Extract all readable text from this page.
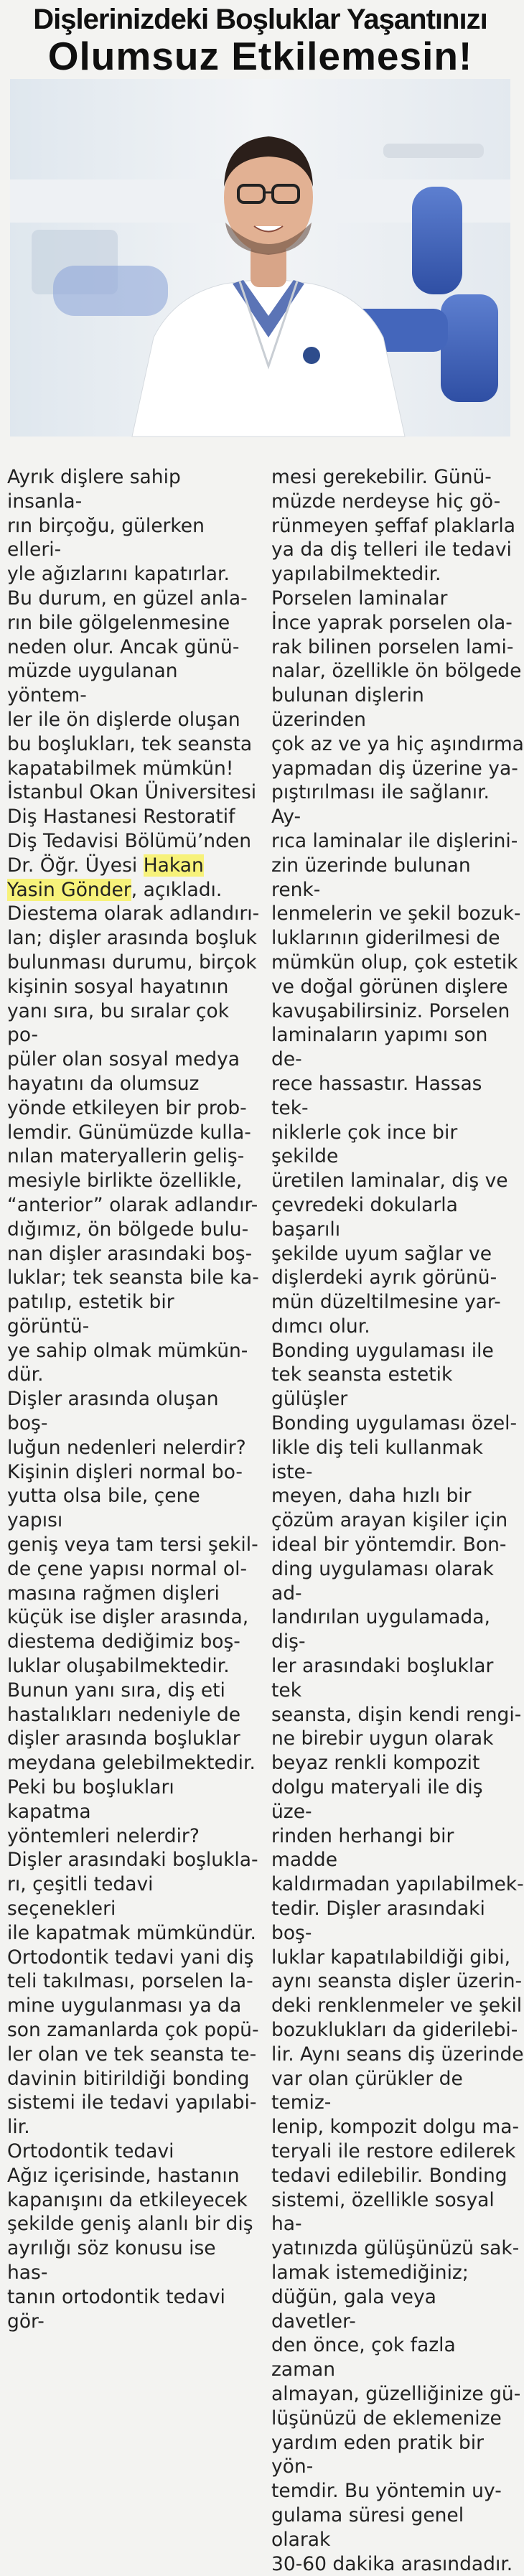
Dişlerinizdeki Boşluklar Yaşantınızı
Olumsuz Etkilemesin!

Ayrık dişlere sahip insanla-

rın birçoğu, gülerken elleri-

yle ağızlarını kapatırlar.

Bu durum, en güzel anla-

rın bile gölgelenmesine

neden olur. Ancak günü-

müzde uygulanan yöntem-

ler ile ön dişlerde oluşan

bu boşlukları, tek seansta

kapatabilmek mümkün!

İstanbul Okan Üniversitesi

Diş Hastanesi Restoratif

Diş Tedavisi Bölümü’nden

Dr. Öğr. Üyesi Hakan

Yasin Gönder, açıkladı.

Diestema olarak adlandırı-

lan; dişler arasında boşluk

bulunması durumu, birçok

kişinin sosyal hayatının

yanı sıra, bu sıralar çok po-

püler olan sosyal medya

hayatını da olumsuz

yönde etkileyen bir prob-

lemdir. Günümüzde kulla-

nılan materyallerin geliş-

mesiyle birlikte özellikle,

“anterior” olarak adlandır-

dığımız, ön bölgede bulu-

nan dişler arasındaki boş-

luklar; tek seansta bile ka-

patılıp, estetik bir görüntü-

ye sahip olmak mümkün-

dür.

Dişler arasında oluşan boş-

luğun nedenleri nelerdir?

Kişinin dişleri normal bo-

yutta olsa bile, çene yapısı

geniş veya tam tersi şekil-

de çene yapısı normal ol-

masına rağmen dişleri

küçük ise dişler arasında,

diestema dediğimiz boş-

luklar oluşabilmektedir.

Bunun yanı sıra, diş eti

hastalıkları nedeniyle de

dişler arasında boşluklar

meydana gelebilmektedir.

Peki bu boşlukları kapatma

yöntemleri nelerdir?

Dişler arasındaki boşlukla-

rı, çeşitli tedavi seçenekleri

ile kapatmak mümkündür.

Ortodontik tedavi yani diş

teli takılması, porselen la-

mine uygulanması ya da

son zamanlarda çok popü-

ler olan ve tek seansta te-

davinin bitirildiği bonding

sistemi ile tedavi yapılabi-

lir.

Ortodontik tedavi

Ağız içerisinde, hastanın

kapanışını da etkileyecek

şekilde geniş alanlı bir diş

ayrılığı söz konusu ise has-

tanın ortodontik tedavi gör-

mesi gerekebilir. Günü-

müzde nerdeyse hiç gö-

rünmeyen şeffaf plaklarla

ya da diş telleri ile tedavi

yapılabilmektedir.

Porselen laminalar

İnce yaprak porselen ola-

rak bilinen porselen lami-

nalar, özellikle ön bölgede

bulunan dişlerin üzerinden

çok az ve ya hiç aşındırma

yapmadan diş üzerine ya-

pıştırılması ile sağlanır. Ay-

rıca laminalar ile dişlerini-

zin üzerinde bulunan renk-

lenmelerin ve şekil bozuk-

luklarının giderilmesi de

mümkün olup, çok estetik

ve doğal görünen dişlere

kavuşabilirsiniz. Porselen

laminaların yapımı son de-

rece hassastır. Hassas tek-

niklerle çok ince bir şekilde

üretilen laminalar, diş ve

çevredeki dokularla başarılı

şekilde uyum sağlar ve

dişlerdeki ayrık görünü-

mün düzeltilmesine yar-

dımcı olur.

Bonding uygulaması ile

tek seansta estetik gülüşler

Bonding uygulaması özel-

likle diş teli kullanmak iste-

meyen, daha hızlı bir

çözüm arayan kişiler için

ideal bir yöntemdir. Bon-

ding uygulaması olarak ad-

landırılan uygulamada, diş-

ler arasındaki boşluklar tek

seansta, dişin kendi rengi-

ne birebir uygun olarak

beyaz renkli kompozit

dolgu materyali ile diş üze-

rinden herhangi bir madde

kaldırmadan yapılabilmek-

tedir. Dişler arasındaki boş-

luklar kapatılabildiği gibi,

aynı seansta dişler üzerin-

deki renklenmeler ve şekil

bozuklukları da giderilebi-

lir. Aynı seans diş üzerinde

var olan çürükler de temiz-

lenip, kompozit dolgu ma-

teryali ile restore edilerek

tedavi edilebilir. Bonding

sistemi, özellikle sosyal ha-

yatınızda gülüşünüzü sak-

lamak istemediğiniz;

düğün, gala veya davetler-

den önce, çok fazla zaman

almayan, güzelliğinize gü-

lüşünüzü de eklemenize

yardım eden pratik bir yön-

temdir. Bu yöntemin uy-

gulama süresi genel olarak

30-60 dakika arasındadır.
